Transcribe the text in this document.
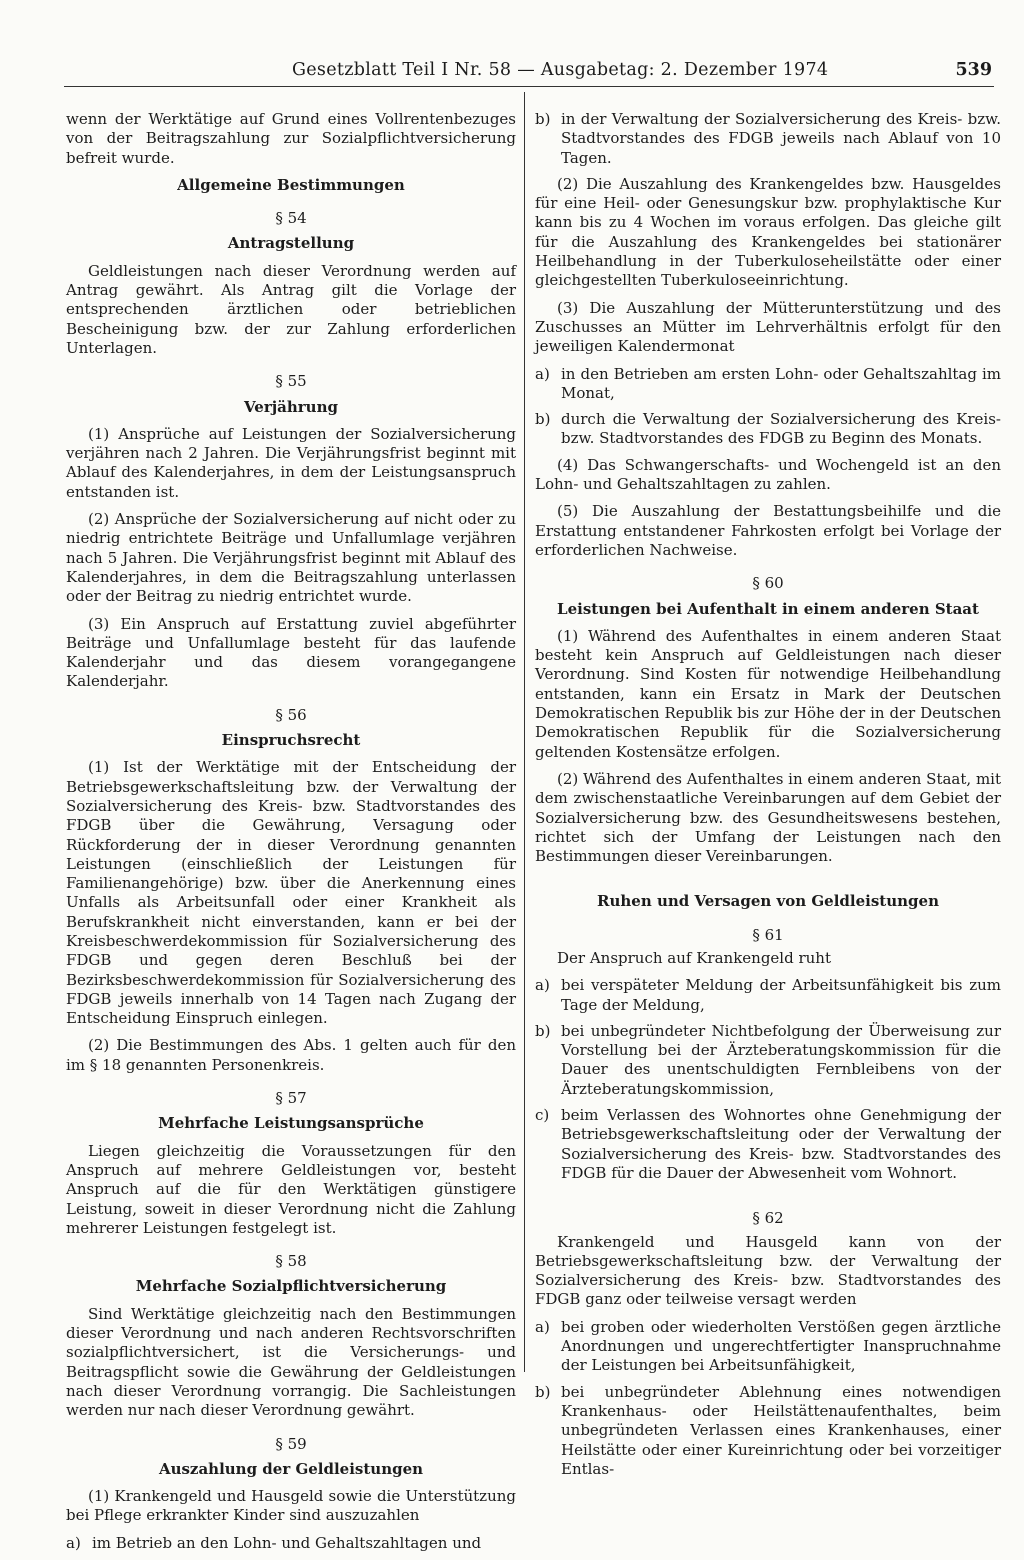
Gesetzblatt Teil I Nr. 58 — Ausgabetag: 2. Dezember 1974	539

wenn der Werktätige auf Grund eines Vollrentenbezuges von der Beitragszahlung zur Sozialpflichtversicherung befreit wurde.

Allgemeine Bestimmungen
§ 54
Antragstellung

Geldleistungen nach dieser Verordnung werden auf Antrag gewährt. Als Antrag gilt die Vorlage der entsprechenden ärztlichen oder betrieblichen Bescheinigung bzw. der zur Zahlung erforderlichen Unterlagen.

§ 55
Verjährung

(1) Ansprüche auf Leistungen der Sozialversicherung verjähren nach 2 Jahren. Die Verjährungsfrist beginnt mit Ablauf des Kalenderjahres, in dem der Leistungsanspruch entstanden ist.

(2) Ansprüche der Sozialversicherung auf nicht oder zu niedrig entrichtete Beiträge und Unfallumlage verjähren nach 5 Jahren. Die Verjährungsfrist beginnt mit Ablauf des Kalenderjahres, in dem die Beitragszahlung unterlassen oder der Beitrag zu niedrig entrichtet wurde.

(3) Ein Anspruch auf Erstattung zuviel abgeführter Beiträge und Unfallumlage besteht für das laufende Kalenderjahr und das diesem vorangegangene Kalenderjahr.

§ 56
Einspruchsrecht

(1) Ist der Werktätige mit der Entscheidung der Betriebsgewerkschaftsleitung bzw. der Verwaltung der Sozialversicherung des Kreis- bzw. Stadtvorstandes des FDGB über die Gewährung, Versagung oder Rückforderung der in dieser Verordnung genannten Leistungen (einschließlich der Leistungen für Familienangehörige) bzw. über die Anerkennung eines Unfalls als Arbeitsunfall oder einer Krankheit als Berufskrankheit nicht einverstanden, kann er bei der Kreisbeschwerdekommission für Sozialversicherung des FDGB und gegen deren Beschluß bei der Bezirksbeschwerdekommission für Sozialversicherung des FDGB jeweils innerhalb von 14 Tagen nach Zugang der Entscheidung Einspruch einlegen.

(2) Die Bestimmungen des Abs. 1 gelten auch für den im § 18 genannten Personenkreis.

§ 57
Mehrfache Leistungsansprüche

Liegen gleichzeitig die Voraussetzungen für den Anspruch auf mehrere Geldleistungen vor, besteht Anspruch auf die für den Werktätigen günstigere Leistung, soweit in dieser Verordnung nicht die Zahlung mehrerer Leistungen festgelegt ist.

§ 58
Mehrfache Sozialpflichtversicherung

Sind Werktätige gleichzeitig nach den Bestimmungen dieser Verordnung und nach anderen Rechtsvorschriften sozialpflichtversichert, ist die Versicherungs- und Beitragspflicht sowie die Gewährung der Geldleistungen nach dieser Verordnung vorrangig. Die Sachleistungen werden nur nach dieser Verordnung gewährt.

§ 59
Auszahlung der Geldleistungen

(1) Krankengeld und Hausgeld sowie die Unterstützung bei Pflege erkrankter Kinder sind auszuzahlen

a) im Betrieb an den Lohn- und Gehaltszahltagen und
b) in der Verwaltung der Sozialversicherung des Kreis- bzw. Stadtvorstandes des FDGB jeweils nach Ablauf von 10 Tagen.

(2) Die Auszahlung des Krankengeldes bzw. Hausgeldes für eine Heil- oder Genesungskur bzw. prophylaktische Kur kann bis zu 4 Wochen im voraus erfolgen. Das gleiche gilt für die Auszahlung des Krankengeldes bei stationärer Heilbehandlung in der Tuberkuloseheilstätte oder einer gleichgestellten Tuberkuloseeinrichtung.

(3) Die Auszahlung der Mütterunterstützung und des Zuschusses an Mütter im Lehrverhältnis erfolgt für den jeweiligen Kalendermonat

a) in den Betrieben am ersten Lohn- oder Gehaltszahltag im Monat,
b) durch die Verwaltung der Sozialversicherung des Kreis- bzw. Stadtvorstandes des FDGB zu Beginn des Monats.

(4) Das Schwangerschafts- und Wochengeld ist an den Lohn- und Gehaltszahltagen zu zahlen.

(5) Die Auszahlung der Bestattungsbeihilfe und die Erstattung entstandener Fahrkosten erfolgt bei Vorlage der erforderlichen Nachweise.

§ 60
Leistungen bei Aufenthalt in einem anderen Staat

(1) Während des Aufenthaltes in einem anderen Staat besteht kein Anspruch auf Geldleistungen nach dieser Verordnung. Sind Kosten für notwendige Heilbehandlung entstanden, kann ein Ersatz in Mark der Deutschen Demokratischen Republik bis zur Höhe der in der Deutschen Demokratischen Republik für die Sozialversicherung geltenden Kostensätze erfolgen.

(2) Während des Aufenthaltes in einem anderen Staat, mit dem zwischenstaatliche Vereinbarungen auf dem Gebiet der Sozialversicherung bzw. des Gesundheitswesens bestehen, richtet sich der Umfang der Leistungen nach den Bestimmungen dieser Vereinbarungen.

Ruhen und Versagen von Geldleistungen
§ 61

Der Anspruch auf Krankengeld ruht

a) bei verspäteter Meldung der Arbeitsunfähigkeit bis zum Tage der Meldung,
b) bei unbegründeter Nichtbefolgung der Überweisung zur Vorstellung bei der Ärzteberatungskommission für die Dauer des unentschuldigten Fernbleibens von der Ärzteberatungskommission,
c) beim Verlassen des Wohnortes ohne Genehmigung der Betriebsgewerkschaftsleitung oder der Verwaltung der Sozialversicherung des Kreis- bzw. Stadtvorstandes des FDGB für die Dauer der Abwesenheit vom Wohnort.
§ 62

Krankengeld und Hausgeld kann von der Betriebsgewerkschaftsleitung bzw. der Verwaltung der Sozialversicherung des Kreis- bzw. Stadtvorstandes des FDGB ganz oder teilweise versagt werden

a) bei groben oder wiederholten Verstößen gegen ärztliche Anordnungen und ungerechtfertigter Inanspruchnahme der Leistungen bei Arbeitsunfähigkeit,
b) bei unbegründeter Ablehnung eines notwendigen Krankenhaus- oder Heilstättenaufenthaltes, beim unbegründeten Verlassen eines Krankenhauses, einer Heilstätte oder einer Kureinrichtung oder bei vorzeitiger Entlas-
